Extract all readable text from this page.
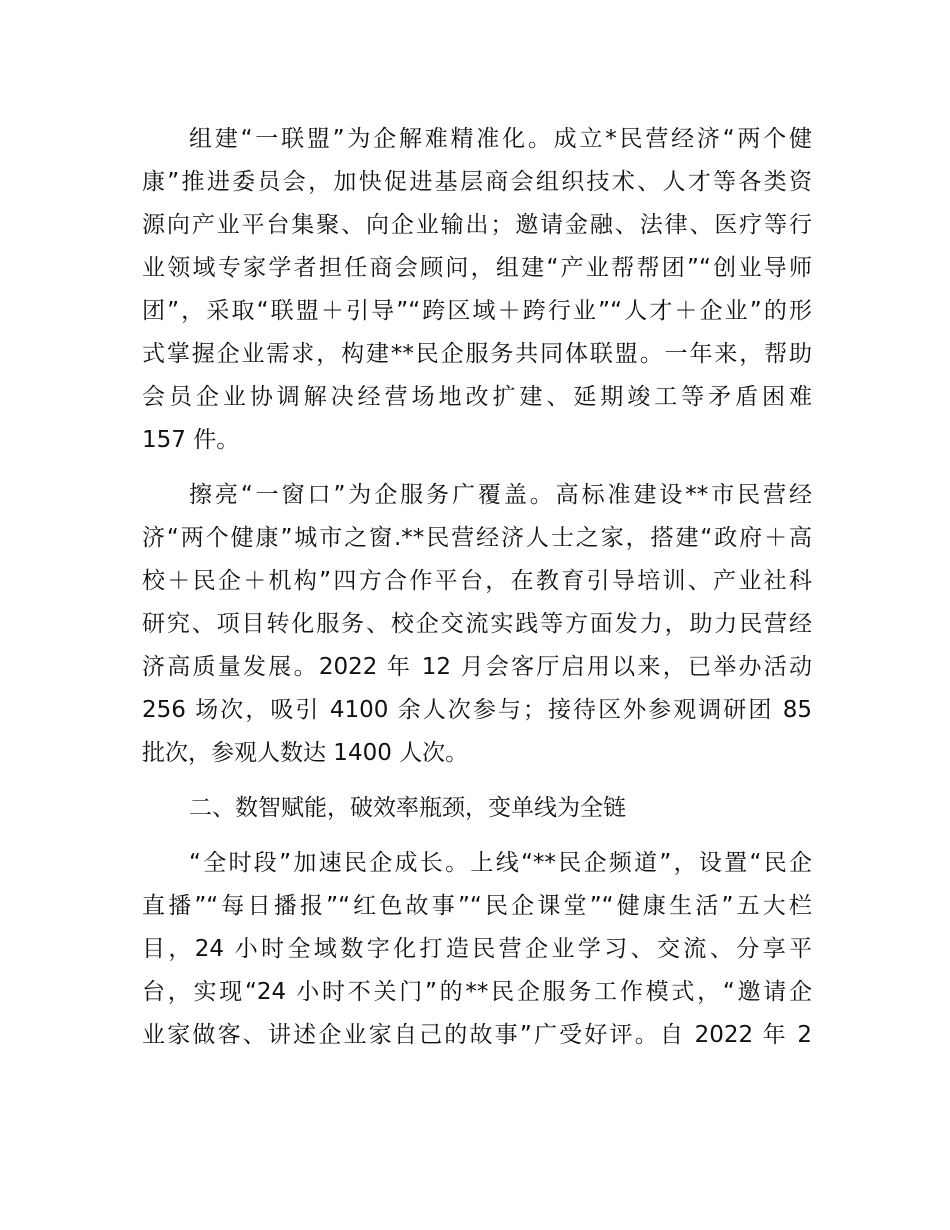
组建“一联盟”为企解难精准化。成立*民营经济“两个健
康”推进委员会，加快促进基层商会组织技术、人才等各类资
源向产业平台集聚、向企业输出；邀请金融、法律、医疗等行
业领域专家学者担任商会顾问，组建“产业帮帮团”“创业导师
团”，采取“联盟＋引导”“跨区域＋跨行业”“人才＋企业”的形
式掌握企业需求，构建**民企服务共同体联盟。一年来，帮助
会员企业协调解决经营场地改扩建、延期竣工等矛盾困难
157 件。
擦亮“一窗口”为企服务广覆盖。高标准建设**市民营经
济“两个健康”城市之窗.**民营经济人士之家，搭建“政府＋高
校＋民企＋机构”四方合作平台，在教育引导培训、产业社科
研究、项目转化服务、校企交流实践等方面发力，助力民营经
济高质量发展。2022 年 12 月会客厅启用以来，已举办活动
256 场次，吸引 4100 余人次参与；接待区外参观调研团 85
批次，参观人数达 1400 人次。
二、数智赋能，破效率瓶颈，变单线为全链
“全时段”加速民企成长。上线“**民企频道”，设置“民企
直播”“每日播报”“红色故事”“民企课堂”“健康生活”五大栏
目，24 小时全域数字化打造民营企业学习、交流、分享平
台，实现“24 小时不关门”的**民企服务工作模式，“邀请企
业家做客、讲述企业家自己的故事”广受好评。自 2022 年 2
